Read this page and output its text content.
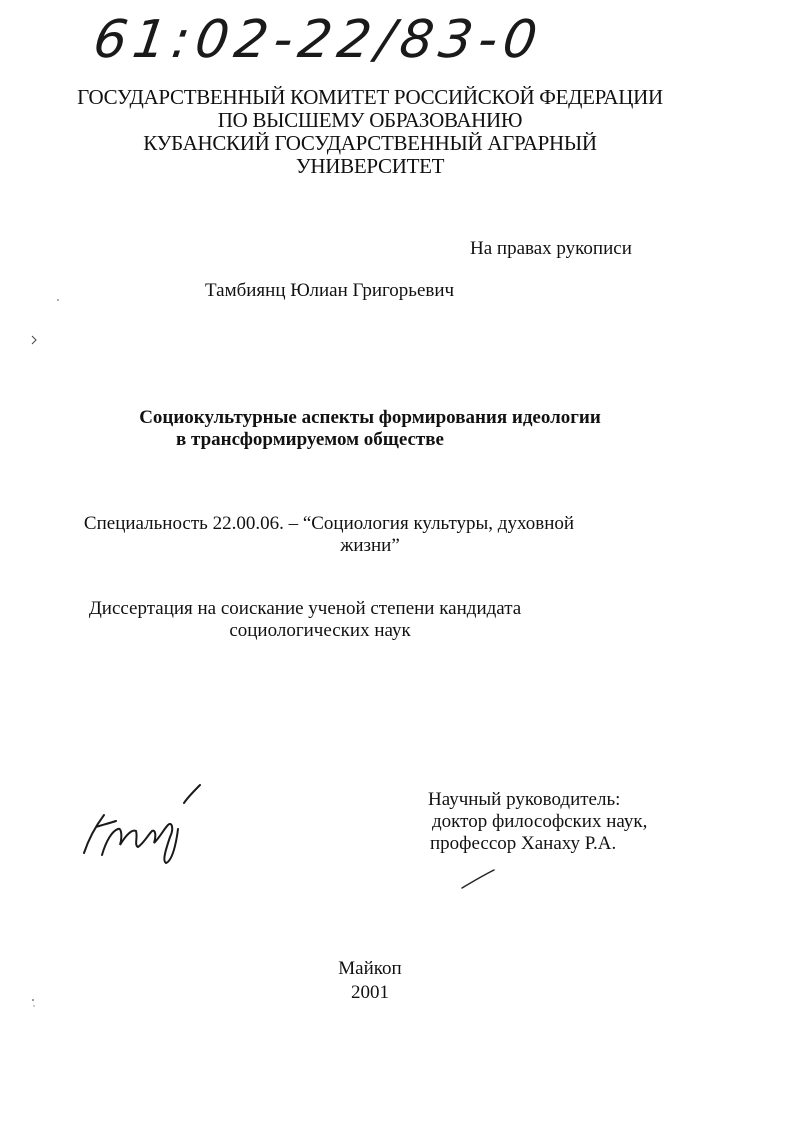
61:02-22/83-0
ГОСУДАРСТВЕННЫЙ КОМИТЕТ РОССИЙСКОЙ ФЕДЕРАЦИИ
ПО ВЫСШЕМУ ОБРАЗОВАНИЮ
КУБАНСКИЙ ГОСУДАРСТВЕННЫЙ АГРАРНЫЙ
УНИВЕРСИТЕТ
На правах рукописи
Тамбиянц Юлиан Григорьевич
Социокультурные аспекты формирования идеологии
в трансформируемом обществе
Специальность 22.00.06. – “Социология культуры, духовной
жизни”
Диссертация на соискание ученой степени кандидата
социологических наук
Научный руководитель:
доктор философских наук,
профессор Ханаху Р.А.
Майкоп
2001
